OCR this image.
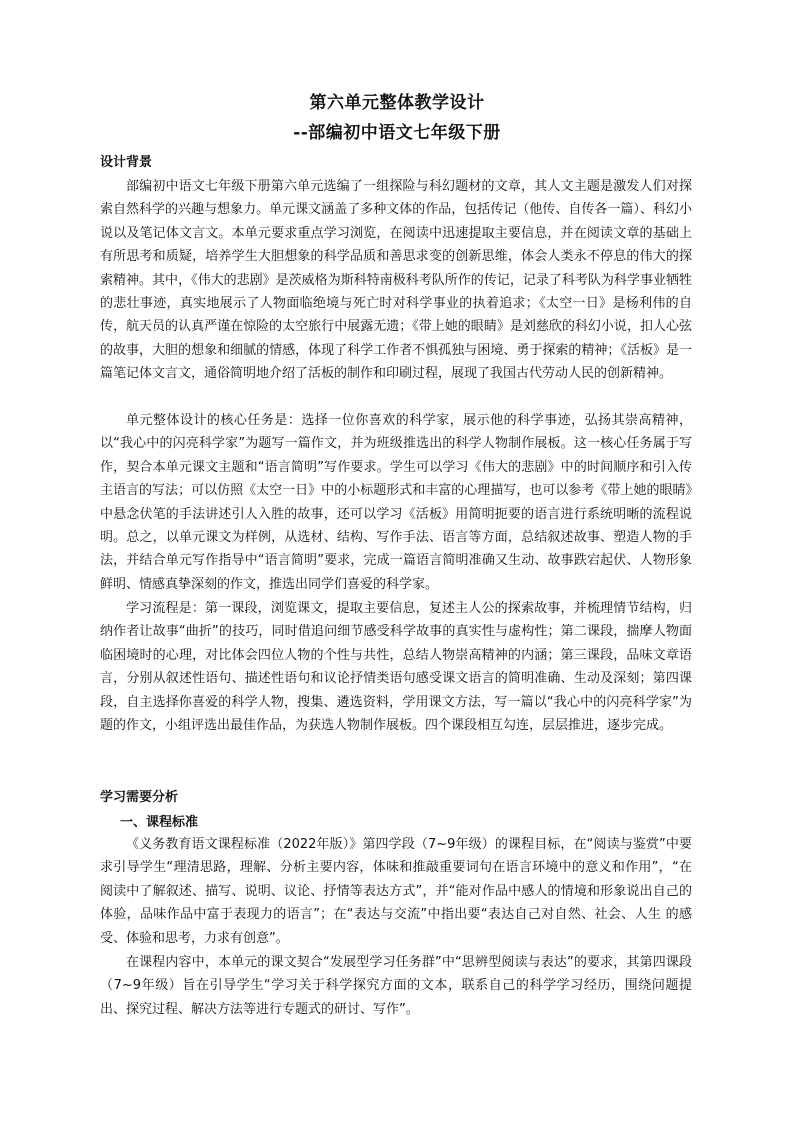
第六单元整体教学设计
--部编初中语文七年级下册
设计背景

部编初中语文七年级下册第六单元选编了一组探险与科幻题材的文章，其人文主题是激发人们对探索自然科学的兴趣与想象力。单元课文涵盖了多种文体的作品，包括传记（他传、自传各一篇）、科幻小说以及笔记体文言文。本单元要求重点学习浏览，在阅读中迅速提取主要信息，并在阅读文章的基础上有所思考和质疑，培养学生大胆想象的科学品质和善思求变的创新思维，体会人类永不停息的伟大的探索精神。其中，《伟大的悲剧》是茨威格为斯科特南极科考队所作的传记，记录了科考队为科学事业牺牲的悲壮事迹，真实地展示了人物面临绝境与死亡时对科学事业的执着追求；《太空一日》是杨利伟的自传，航天员的认真严谨在惊险的太空旅行中展露无遗；《带上她的眼睛》是刘慈欣的科幻小说，扣人心弦的故事，大胆的想象和细腻的情感，体现了科学工作者不惧孤独与困境、勇于探索的精神；《活板》是一篇笔记体文言文，通俗简明地介绍了活板的制作和印刷过程，展现了我国古代劳动人民的创新精神。

单元整体设计的核心任务是：选择一位你喜欢的科学家，展示他的科学事迹，弘扬其崇高精神，以“我心中的闪亮科学家”为题写一篇作文，并为班级推选出的科学人物制作展板。这一核心任务属于写作，契合本单元课文主题和“语言简明”写作要求。学生可以学习《伟大的悲剧》中的时间顺序和引入传主语言的写法；可以仿照《太空一日》中的小标题形式和丰富的心理描写，也可以参考《带上她的眼睛》中悬念伏笔的手法讲述引人入胜的故事，还可以学习《活板》用简明扼要的语言进行系统明晰的流程说明。总之，以单元课文为样例，从选材、结构、写作手法、语言等方面，总结叙述故事、塑造人物的手法，并结合单元写作指导中“语言简明”要求，完成一篇语言简明准确又生动、故事跌宕起伏、人物形象鲜明、情感真挚深刻的作文，推选出同学们喜爱的科学家。

学习流程是：第一课段，浏览课文，提取主要信息，复述主人公的探索故事，并梳理情节结构，归纳作者让故事“曲折”的技巧，同时借追问细节感受科学故事的真实性与虚构性；第二课段，揣摩人物面临困境时的心理，对比体会四位人物的个性与共性，总结人物崇高精神的内涵；第三课段，品味文章语言，分别从叙述性语句、描述性语句和议论抒情类语句感受课文语言的简明准确、生动及深刻；第四课段，自主选择你喜爱的科学人物，搜集、遴选资料，学用课文方法，写一篇以“我心中的闪亮科学家”为题的作文，小组评选出最佳作品，为获选人物制作展板。四个课段相互勾连，层层推进，逐步完成。

学习需要分析
一、课程标准

《义务教育语文课程标准（2022年版）》第四学段（7~9年级）的课程目标，在“阅读与鉴赏”中要求引导学生“理清思路，理解、分析主要内容，体味和推敲重要词句在语言环境中的意义和作用”，“在阅读中了解叙述、描写、说明、议论、抒情等表达方式”，并“能对作品中感人的情境和形象说出自己的体验，品味作品中富于表现力的语言”；在“表达与交流”中指出要“表达自己对自然、社会、人生 的感受、体验和思考，力求有创意”。

在课程内容中，本单元的课文契合“发展型学习任务群”中“思辨型阅读与表达”的要求，其第四课段（7~9年级）旨在引导学生“学习关于科学探究方面的文本，联系自己的科学学习经历，围绕问题提出、探究过程、解决方法等进行专题式的研讨、写作”。
